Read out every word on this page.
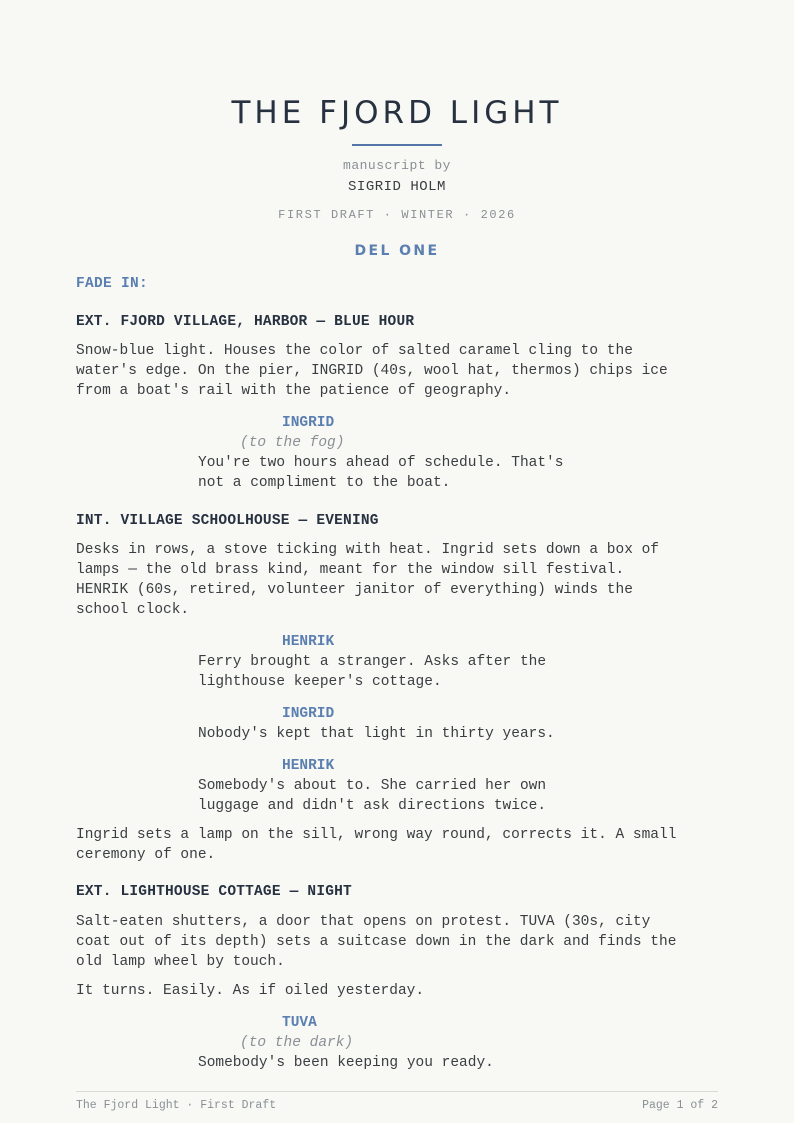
THE FJORD LIGHT
manuscript by
SIGRID HOLM
FIRST DRAFT · WINTER · 2026
DEL ONE

FADE IN:

EXT. FJORD VILLAGE, HARBOR — BLUE HOUR

Snow-blue light. Houses the color of salted caramel cling to the
water's edge. On the pier, INGRID (40s, wool hat, thermos) chips ice
from a boat's rail with the patience of geography.

INGRID

(to the fog)

You're two hours ahead of schedule. That's

not a compliment to the boat.

INT. VILLAGE SCHOOLHOUSE — EVENING

Desks in rows, a stove ticking with heat. Ingrid sets down a box of
lamps — the old brass kind, meant for the window sill festival.
HENRIK (60s, retired, volunteer janitor of everything) winds the
school clock.

HENRIK

Ferry brought a stranger. Asks after the

lighthouse keeper's cottage.

INGRID

Nobody's kept that light in thirty years.

HENRIK

Somebody's about to. She carried her own

luggage and didn't ask directions twice.

Ingrid sets a lamp on the sill, wrong way round, corrects it. A small
ceremony of one.

EXT. LIGHTHOUSE COTTAGE — NIGHT

Salt-eaten shutters, a door that opens on protest. TUVA (30s, city
coat out of its depth) sets a suitcase down in the dark and finds the
old lamp wheel by touch.

It turns. Easily. As if oiled yesterday.

TUVA

(to the dark)

Somebody's been keeping you ready.

The Fjord Light · First Draft	Page 1 of 2
